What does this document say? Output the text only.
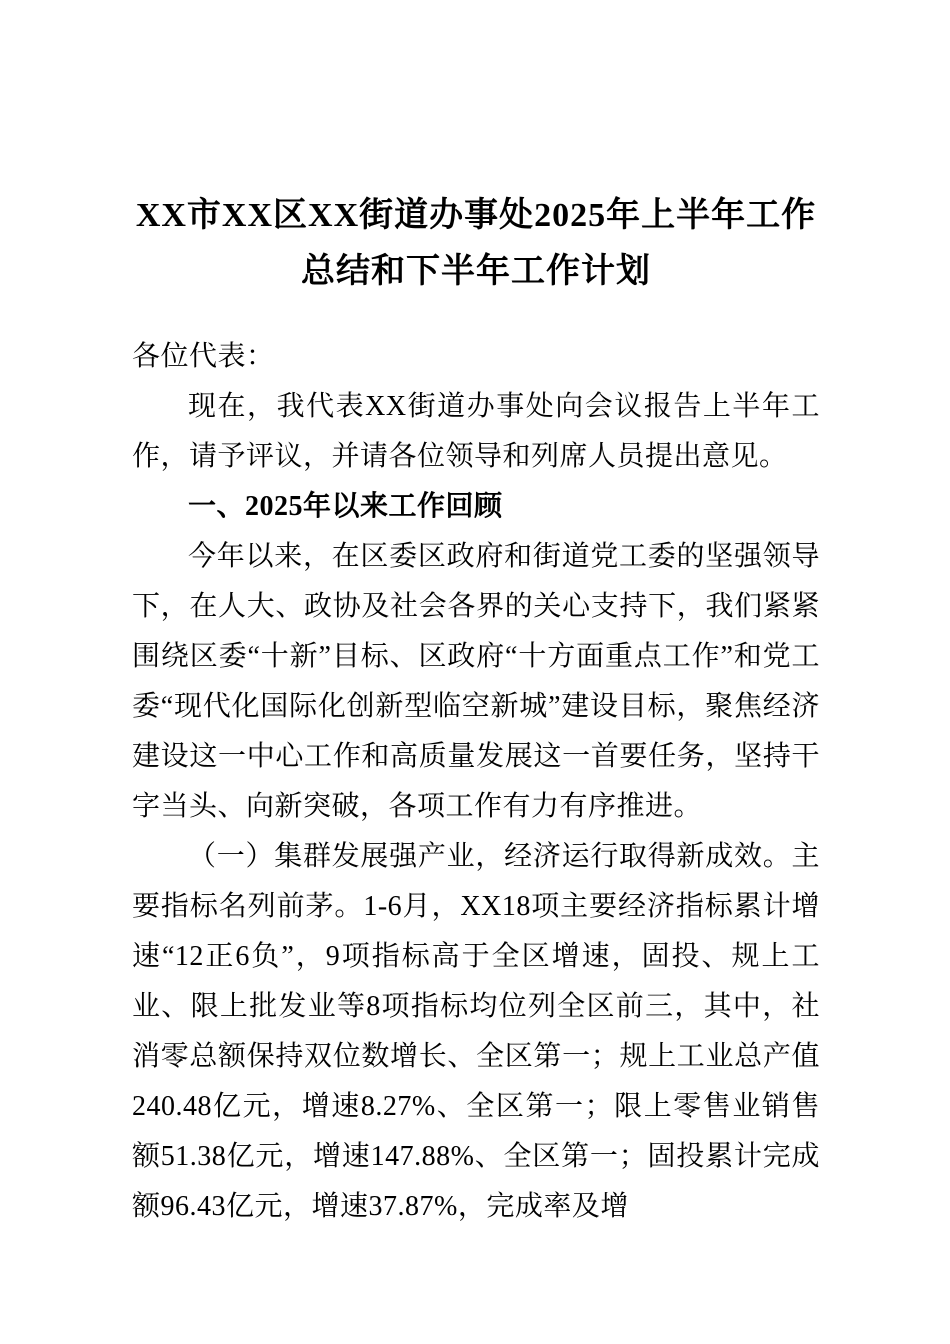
XX市XX区XX街道办事处2025年上半年工作总结和下半年工作计划

各位代表：

现在，我代表XX街道办事处向会议报告上半年工作，请予评议，并请各位领导和列席人员提出意见。

一、2025年以来工作回顾

今年以来，在区委区政府和街道党工委的坚强领导下，在人大、政协及社会各界的关心支持下，我们紧紧围绕区委“十新”目标、区政府“十方面重点工作”和党工委“现代化国际化创新型临空新城”建设目标，聚焦经济建设这一中心工作和高质量发展这一首要任务，坚持干字当头、向新突破，各项工作有力有序推进。

（一）集群发展强产业，经济运行取得新成效。主要指标名列前茅。1-6月，XX18项主要经济指标累计增速“12正6负”，9项指标高于全区增速，固投、规上工业、限上批发业等8项指标均位列全区前三，其中，社消零总额保持双位数增长、全区第一；规上工业总产值240.48亿元，增速8.27%、全区第一；限上零售业销售额51.38亿元，增速147.88%、全区第一；固投累计完成额96.43亿元，增速37.87%，完成率及增
